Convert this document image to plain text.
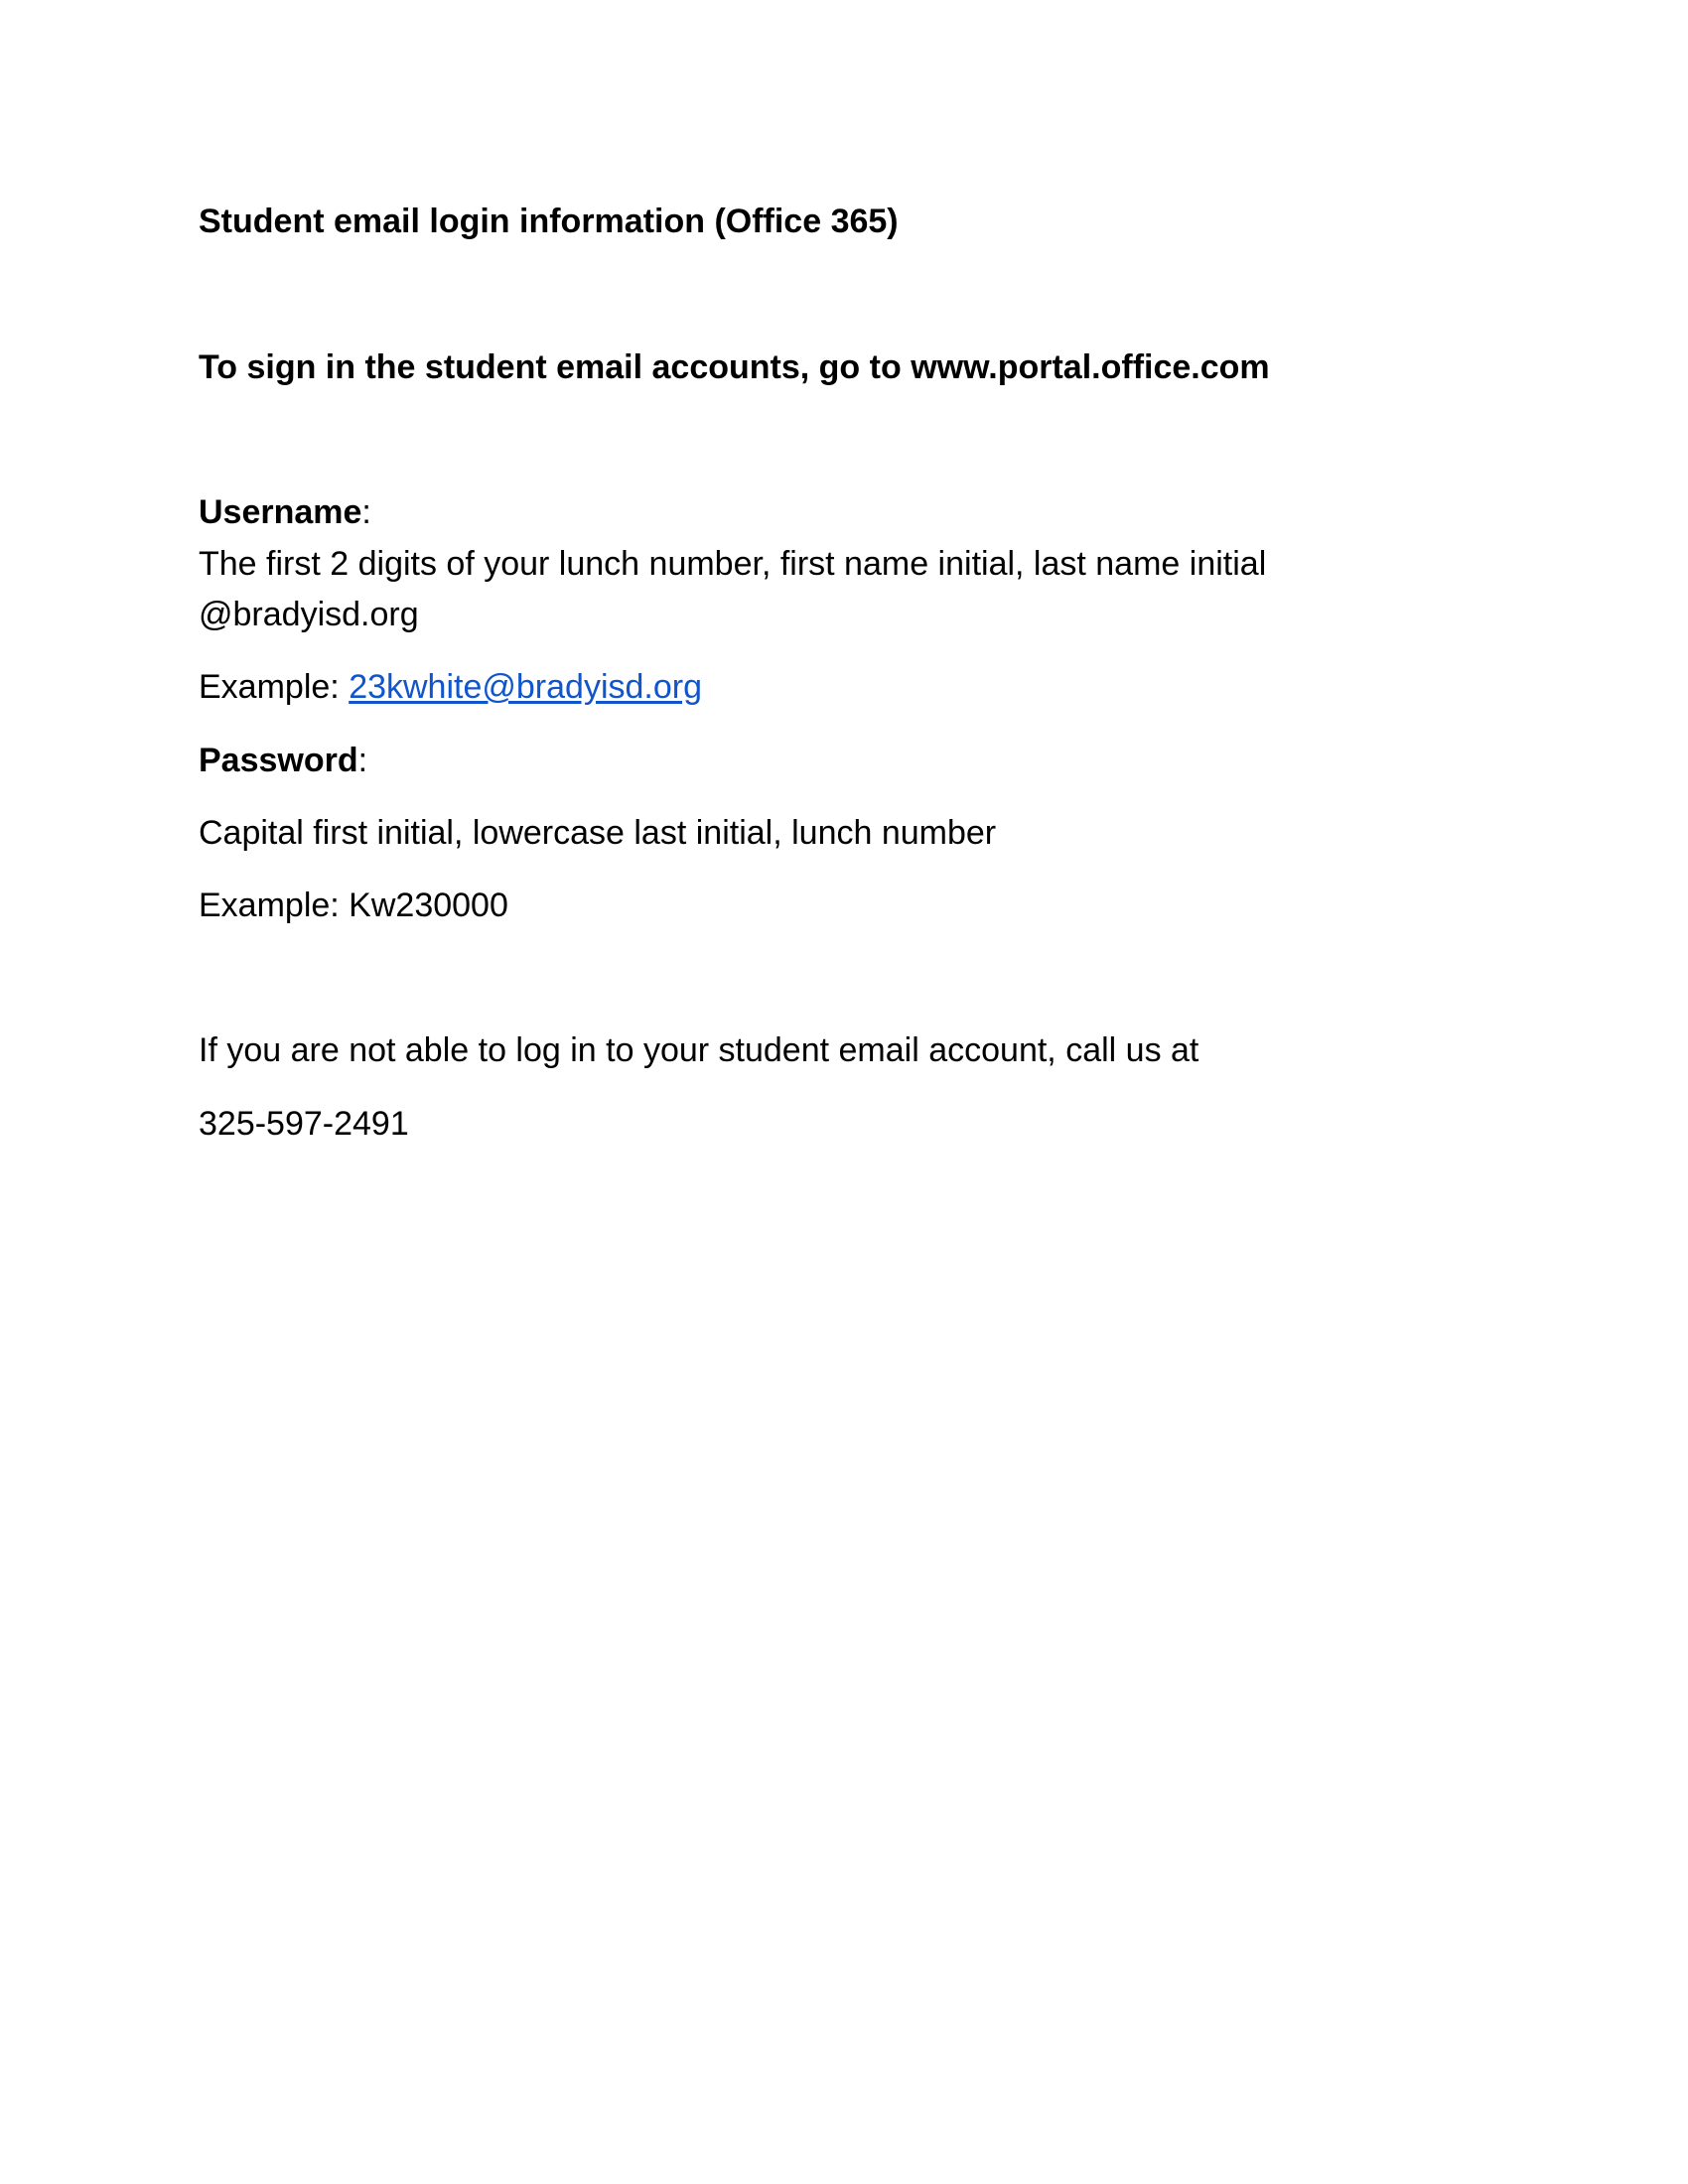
Student email login information (Office 365)

To sign in the student email accounts, go to www.portal.office.com

Username:

The first 2 digits of your lunch number, first name initial, last name initial

@bradyisd.org

Example: 23kwhite@bradyisd.org

Password:

Capital first initial, lowercase last initial, lunch number

Example: Kw230000

If you are not able to log in to your student email account, call us at

325-597-2491
